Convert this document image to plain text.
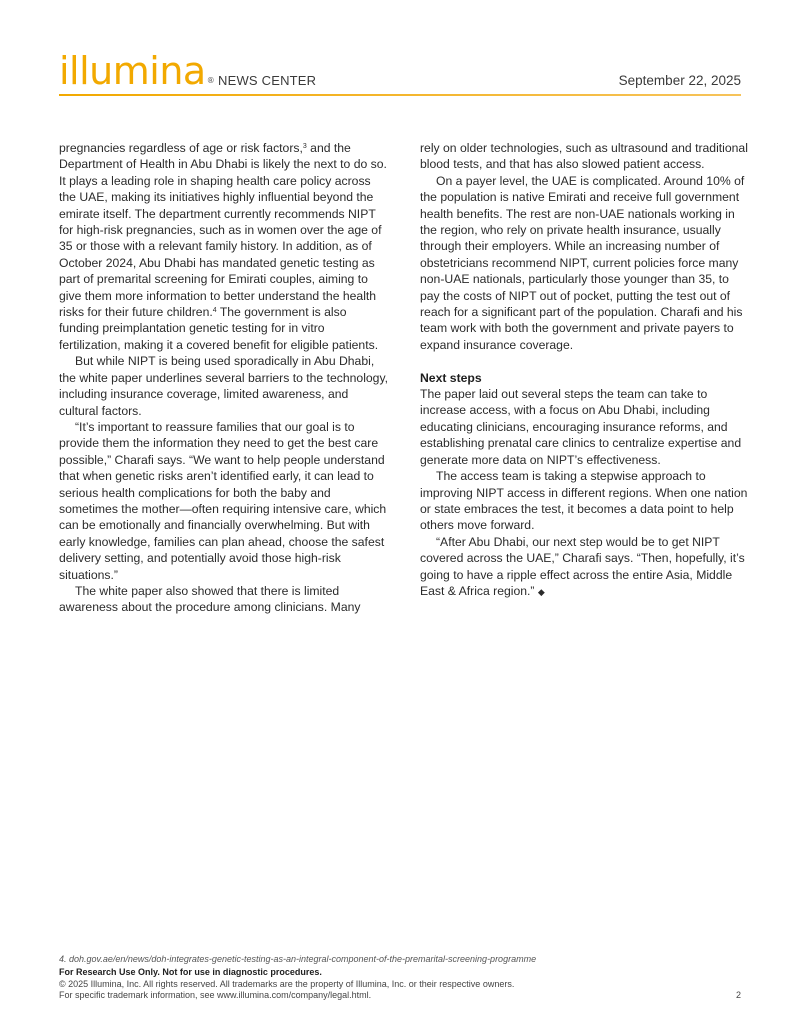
illumina® NEWS CENTER	September 22, 2025

pregnancies regardless of age or risk factors,$^3$ and the Department of Health in Abu Dhabi is likely the next to do so. It plays a leading role in shaping health care policy across the UAE, making its initiatives highly influential beyond the emirate itself. The department currently recommends NIPT for high-risk pregnancies, such as in women over the age of 35 or those with a relevant family history. In addition, as of October 2024, Abu Dhabi has mandated genetic testing as part of premarital screening for Emirati couples, aiming to give them more information to better understand the health risks for their future children.$^4$ The government is also funding preimplantation genetic testing for in vitro fertilization, making it a covered benefit for eligible patients.

But while NIPT is being used sporadically in Abu Dhabi, the white paper underlines several barriers to the technology, including insurance coverage, limited awareness, and cultural factors.

“It’s important to reassure families that our goal is to provide them the information they need to get the best care possible,” Charafi says. “We want to help people understand that when genetic risks aren’t identified early, it can lead to serious health complications for both the baby and sometimes the mother—often requiring intensive care, which can be emotionally and financially overwhelming. But with early knowledge, families can plan ahead, choose the safest delivery setting, and potentially avoid those high-risk situations.”

The white paper also showed that there is limited awareness about the procedure among clinicians. Many

rely on older technologies, such as ultrasound and traditional blood tests, and that has also slowed patient access.

On a payer level, the UAE is complicated. Around 10% of the population is native Emirati and receive full government health benefits. The rest are non-UAE nationals working in the region, who rely on private health insurance, usually through their employers. While an increasing number of obstetricians recommend NIPT, current policies force many non-UAE nationals, particularly those younger than 35, to pay the costs of NIPT out of pocket, putting the test out of reach for a significant part of the population. Charafi and his team work with both the government and private payers to expand insurance coverage.

Next steps

The paper laid out several steps the team can take to increase access, with a focus on Abu Dhabi, including educating clinicians, encouraging insurance reforms, and establishing prenatal care clinics to centralize expertise and generate more data on NIPT’s effectiveness.

The access team is taking a stepwise approach to improving NIPT access in different regions. When one nation or state embraces the test, it becomes a data point to help others move forward.

“After Abu Dhabi, our next step would be to get NIPT covered across the UAE,” Charafi says. “Then, hopefully, it’s going to have a ripple effect across the entire Asia, Middle East & Africa region.” ◆

4. doh.gov.ae/en/news/doh-integrates-genetic-testing-as-an-integral-component-of-the-premarital-screening-programme
For Research Use Only. Not for use in diagnostic procedures.
© 2025 Illumina, Inc. All rights reserved. All trademarks are the property of Illumina, Inc. or their respective owners.
For specific trademark information, see www.illumina.com/company/legal.html.	2
